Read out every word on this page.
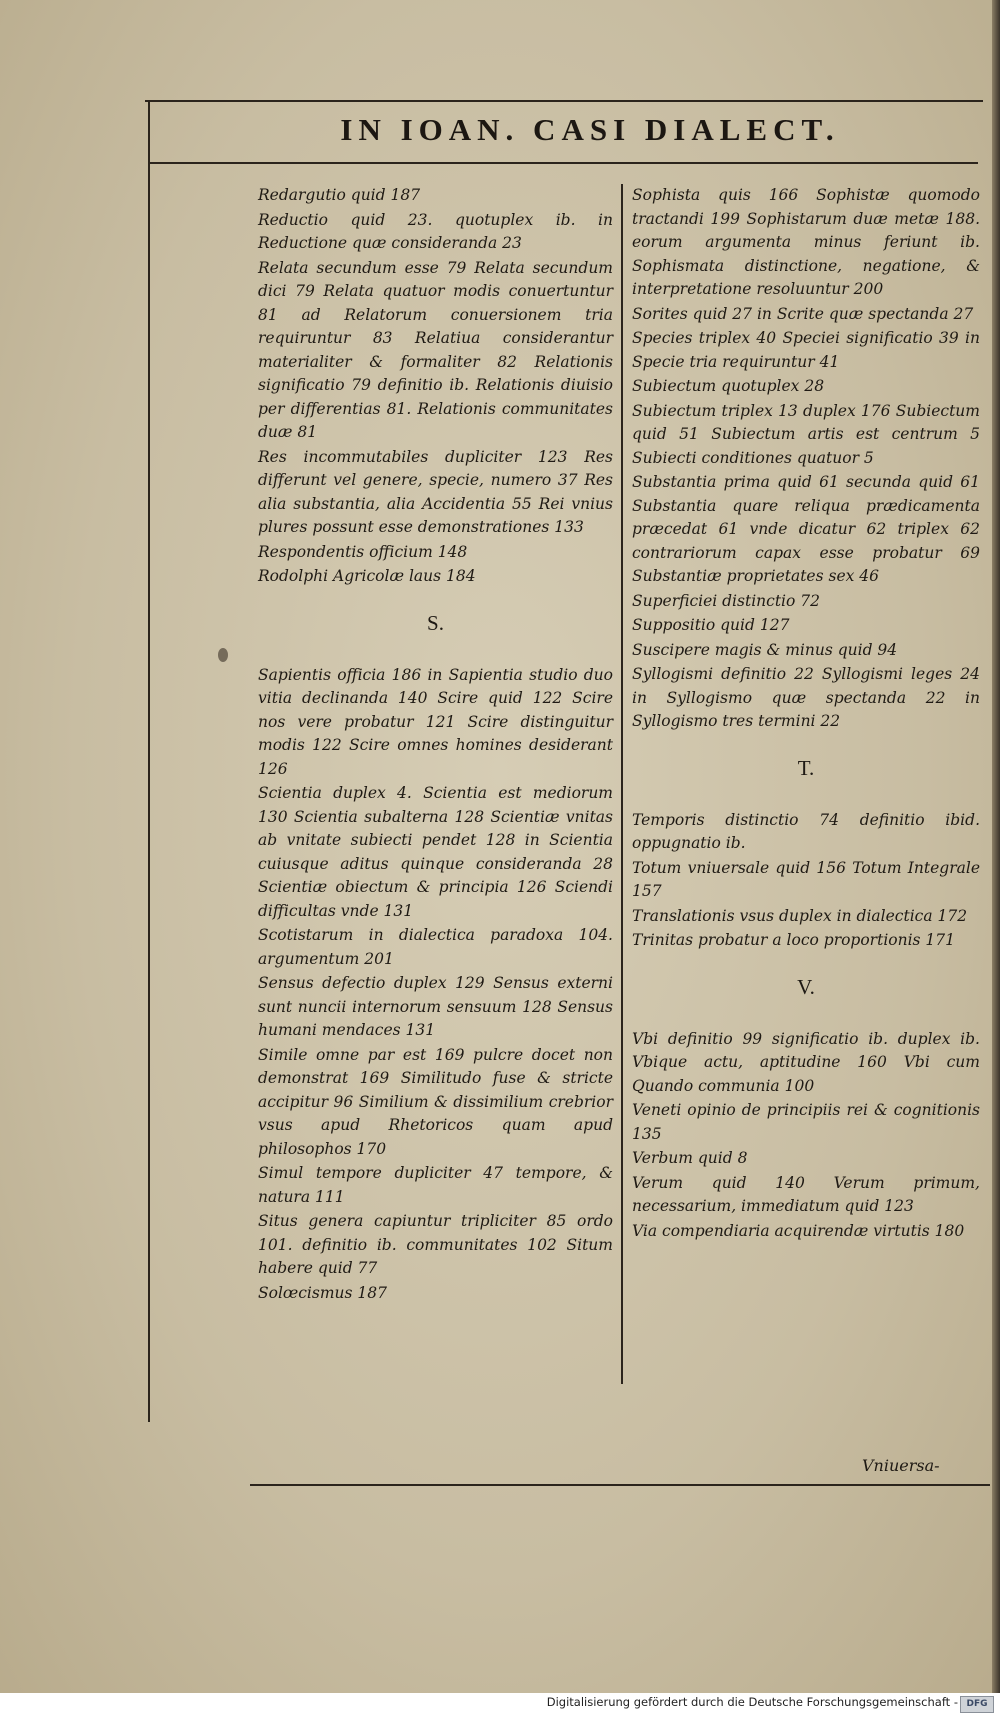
IN IOAN. CASI DIALECT.
Redargutio quid 187
Reductio quid 23. quotuplex ib. in Reductione quæ consideranda 23
Relata secundum esse 79 Relata secundum dici 79 Relata quatuor modis conuertuntur 81 ad Relatorum conuersionem tria requiruntur 83 Relatiua considerantur materialiter & formaliter 82 Relationis significatio 79 definitio ib. Relationis diuisio per differentias 81. Relationis communitates duæ 81
Res incommutabiles dupliciter 123 Res differunt vel genere, specie, numero 37 Res alia substantia, alia Accidentia 55 Rei vnius plures possunt esse demonstrationes 133
Respondentis officium 148
Rodolphi Agricolæ laus 184
S.
Sapientis officia 186 in Sapientia studio duo vitia declinanda 140 Scire quid 122 Scire nos vere probatur 121 Scire distinguitur modis 122 Scire omnes homines desiderant 126
Scientia duplex 4. Scientia est mediorum 130 Scientia subalterna 128 Scientiæ vnitas ab vnitate subiecti pendet 128 in Scientia cuiusque aditus quinque consideranda 28 Scientiæ obiectum & principia 126 Sciendi difficultas vnde 131
Scotistarum in dialectica paradoxa 104. argumentum 201
Sensus defectio duplex 129 Sensus externi sunt nuncii internorum sensuum 128 Sensus humani mendaces 131
Simile omne par est 169 pulcre docet non demonstrat 169 Similitudo fuse & stricte accipitur 96 Similium & dissimilium crebrior vsus apud Rhetoricos quam apud philosophos 170
Simul tempore dupliciter 47 tempore, & natura 111
Situs genera capiuntur tripliciter 85 ordo 101. definitio ib. communitates 102 Situm habere quid 77
Solœcismus 187
Sophista quis 166 Sophistæ quomodo tractandi 199 Sophistarum duæ metæ 188. eorum argumenta minus feriunt ib. Sophismata distinctione, negatione, & interpretatione resoluuntur 200
Sorites quid 27 in Scrite quæ spectanda 27
Species triplex 40 Speciei significatio 39 in Specie tria requiruntur 41
Subiectum quotuplex 28
Subiectum triplex 13 duplex 176 Subiectum quid 51 Subiectum artis est centrum 5 Subiecti conditiones quatuor 5
Substantia prima quid 61 secunda quid 61 Substantia quare reliqua prædicamenta præcedat 61 vnde dicatur 62 triplex 62 contrariorum capax esse probatur 69 Substantiæ proprietates sex 46
Superficiei distinctio 72
Suppositio quid 127
Suscipere magis & minus quid 94
Syllogismi definitio 22 Syllogismi leges 24 in Syllogismo quæ spectanda 22 in Syllogismo tres termini 22
T.
Temporis distinctio 74 definitio ibid. oppugnatio ib.
Totum vniuersale quid 156 Totum Integrale 157
Translationis vsus duplex in dialectica 172
Trinitas probatur a loco proportionis 171
V.
Vbi definitio 99 significatio ib. duplex ib. Vbique actu, aptitudine 160 Vbi cum Quando communia 100
Veneti opinio de principiis rei & cognitionis 135
Verbum quid 8
Verum quid 140 Verum primum, necessarium, immediatum quid 123
Via compendiaria acquirendæ virtutis 180
Vniuersa-
Digitalisierung gefördert durch die Deutsche Forschungsgemeinschaft - DFG
